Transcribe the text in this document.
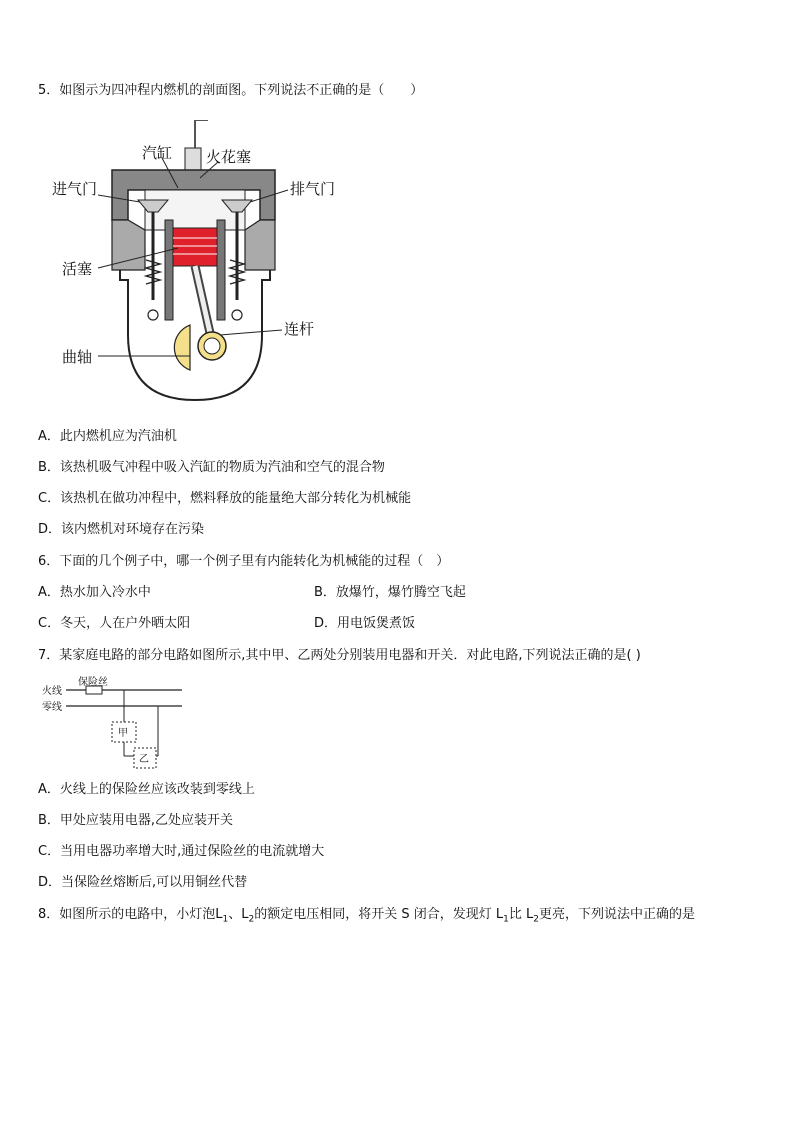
5．如图示为四冲程内燃机的剖面图。下列说法不正确的是（　　）
汽缸 火花塞
进气门	排气门
活塞
连杆
曲轴
A．此内燃机应为汽油机
B．该热机吸气冲程中吸入汽缸的物质为汽油和空气的混合物
C．该热机在做功冲程中，燃料释放的能量绝大部分转化为机械能
D．该内燃机对环境存在污染
6．下面的几个例子中，哪一个例子里有内能转化为机械能的过程（　）
A．热水加入冷水中	B．放爆竹，爆竹腾空飞起
C．冬天，人在户外晒太阳	D．用电饭煲煮饭
7．某家庭电路的部分电路如图所示,其中甲、乙两处分别装用电器和开关．对此电路,下列说法正确的是( )
火线
零线
保险丝
甲
乙
A．火线上的保险丝应该改装到零线上
B．甲处应装用电器,乙处应装开关
C．当用电器功率增大时,通过保险丝的电流就增大
D．当保险丝熔断后,可以用铜丝代替
8．如图所示的电路中，小灯泡$L_1$、$L_2$的额定电压相同，将开关 S 闭合，发现灯 $L_1$比 $L_2$更亮，下列说法中正确的是
